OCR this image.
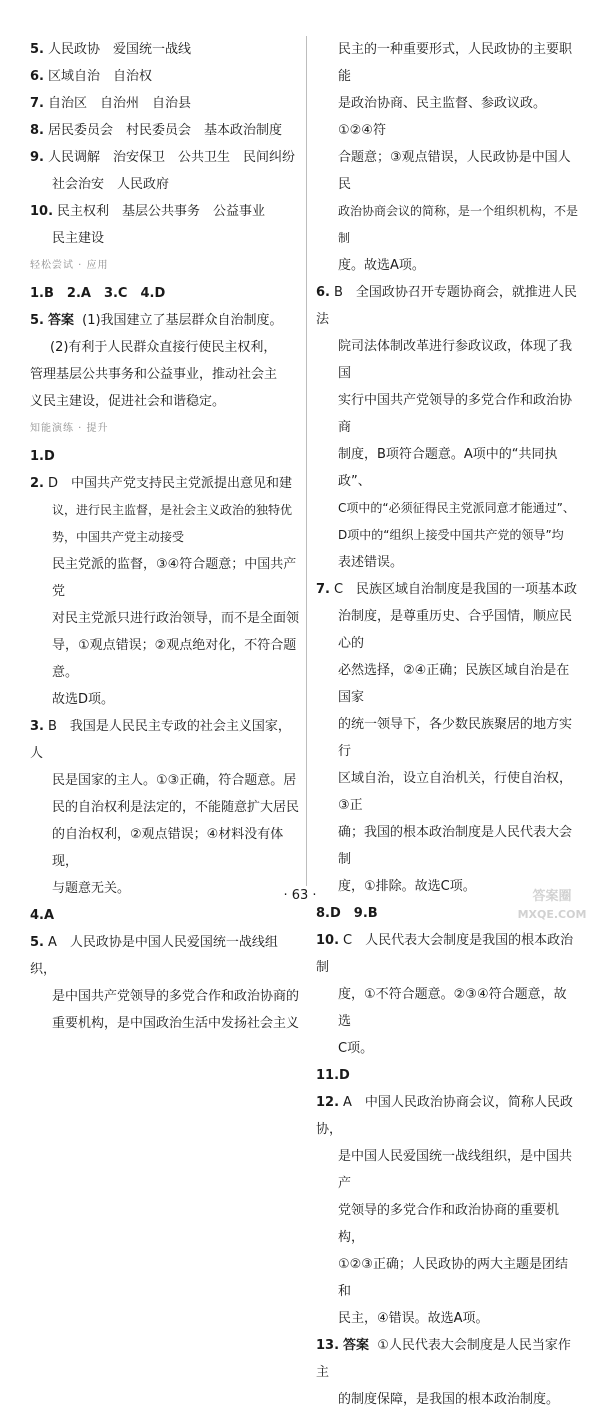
5. 人民政协　爱国统一战线

6. 区域自治　自治权

7. 自治区　自治州　自治县

8. 居民委员会　村民委员会　基本政治制度

9. 人民调解　治安保卫　公共卫生　民间纠纷

社会治安　人民政府

10. 民主权利　基层公共事务　公益事业

民主建设

轻松尝试 · 应用

1.B　2.A　3.C　4.D

5. 答案 (1)我国建立了基层群众自治制度。

(2)有利于人民群众直接行使民主权利，

管理基层公共事务和公益事业，推动社会主

义民主建设，促进社会和谐稳定。

知能演练 · 提升

1.D

2. D　中国共产党支持民主党派提出意见和建

议，进行民主监督，是社会主义政治的独特优势，中国共产党主动接受

民主党派的监督，③④符合题意；中国共产党

对民主党派只进行政治领导，而不是全面领

导，①观点错误；②观点绝对化，不符合题意。

故选D项。

3. B　我国是人民民主专政的社会主义国家，人

民是国家的主人。①③正确，符合题意。居

民的自治权利是法定的，不能随意扩大居民

的自治权利，②观点错误；④材料没有体现，

与题意无关。

4.A

5. A　人民政协是中国人民爱国统一战线组织，

是中国共产党领导的多党合作和政治协商的

重要机构，是中国政治生活中发扬社会主义

民主的一种重要形式，人民政协的主要职能

是政治协商、民主监督、参政议政。①②④符

合题意；③观点错误，人民政协是中国人民

政治协商会议的简称，是一个组织机构，不是制

度。故选A项。

6. B　全国政协召开专题协商会，就推进人民法

院司法体制改革进行参政议政，体现了我国

实行中国共产党领导的多党合作和政治协商

制度，B项符合题意。A项中的“共同执政”、

C项中的“必须征得民主党派同意才能通过”、

D项中的“组织上接受中国共产党的领导”均

表述错误。

7. C　民族区域自治制度是我国的一项基本政

治制度，是尊重历史、合乎国情，顺应民心的

必然选择，②④正确；民族区域自治是在国家

的统一领导下，各少数民族聚居的地方实行

区域自治，设立自治机关，行使自治权，③正

确；我国的根本政治制度是人民代表大会制

度，①排除。故选C项。

8.D　9.B

10. C　人民代表大会制度是我国的根本政治制

度，①不符合题意。②③④符合题意，故选

C项。

11.D

12. A　中国人民政治协商会议，简称人民政协，

是中国人民爱国统一战线组织，是中国共产

党领导的多党合作和政治协商的重要机构，

①②③正确；人民政协的两大主题是团结和

民主，④错误。故选A项。

13. 答案 ①人民代表大会制度是人民当家作主

的制度保障，是我国的根本政治制度。

· 63 ·	答案圈
MXQE.COM
